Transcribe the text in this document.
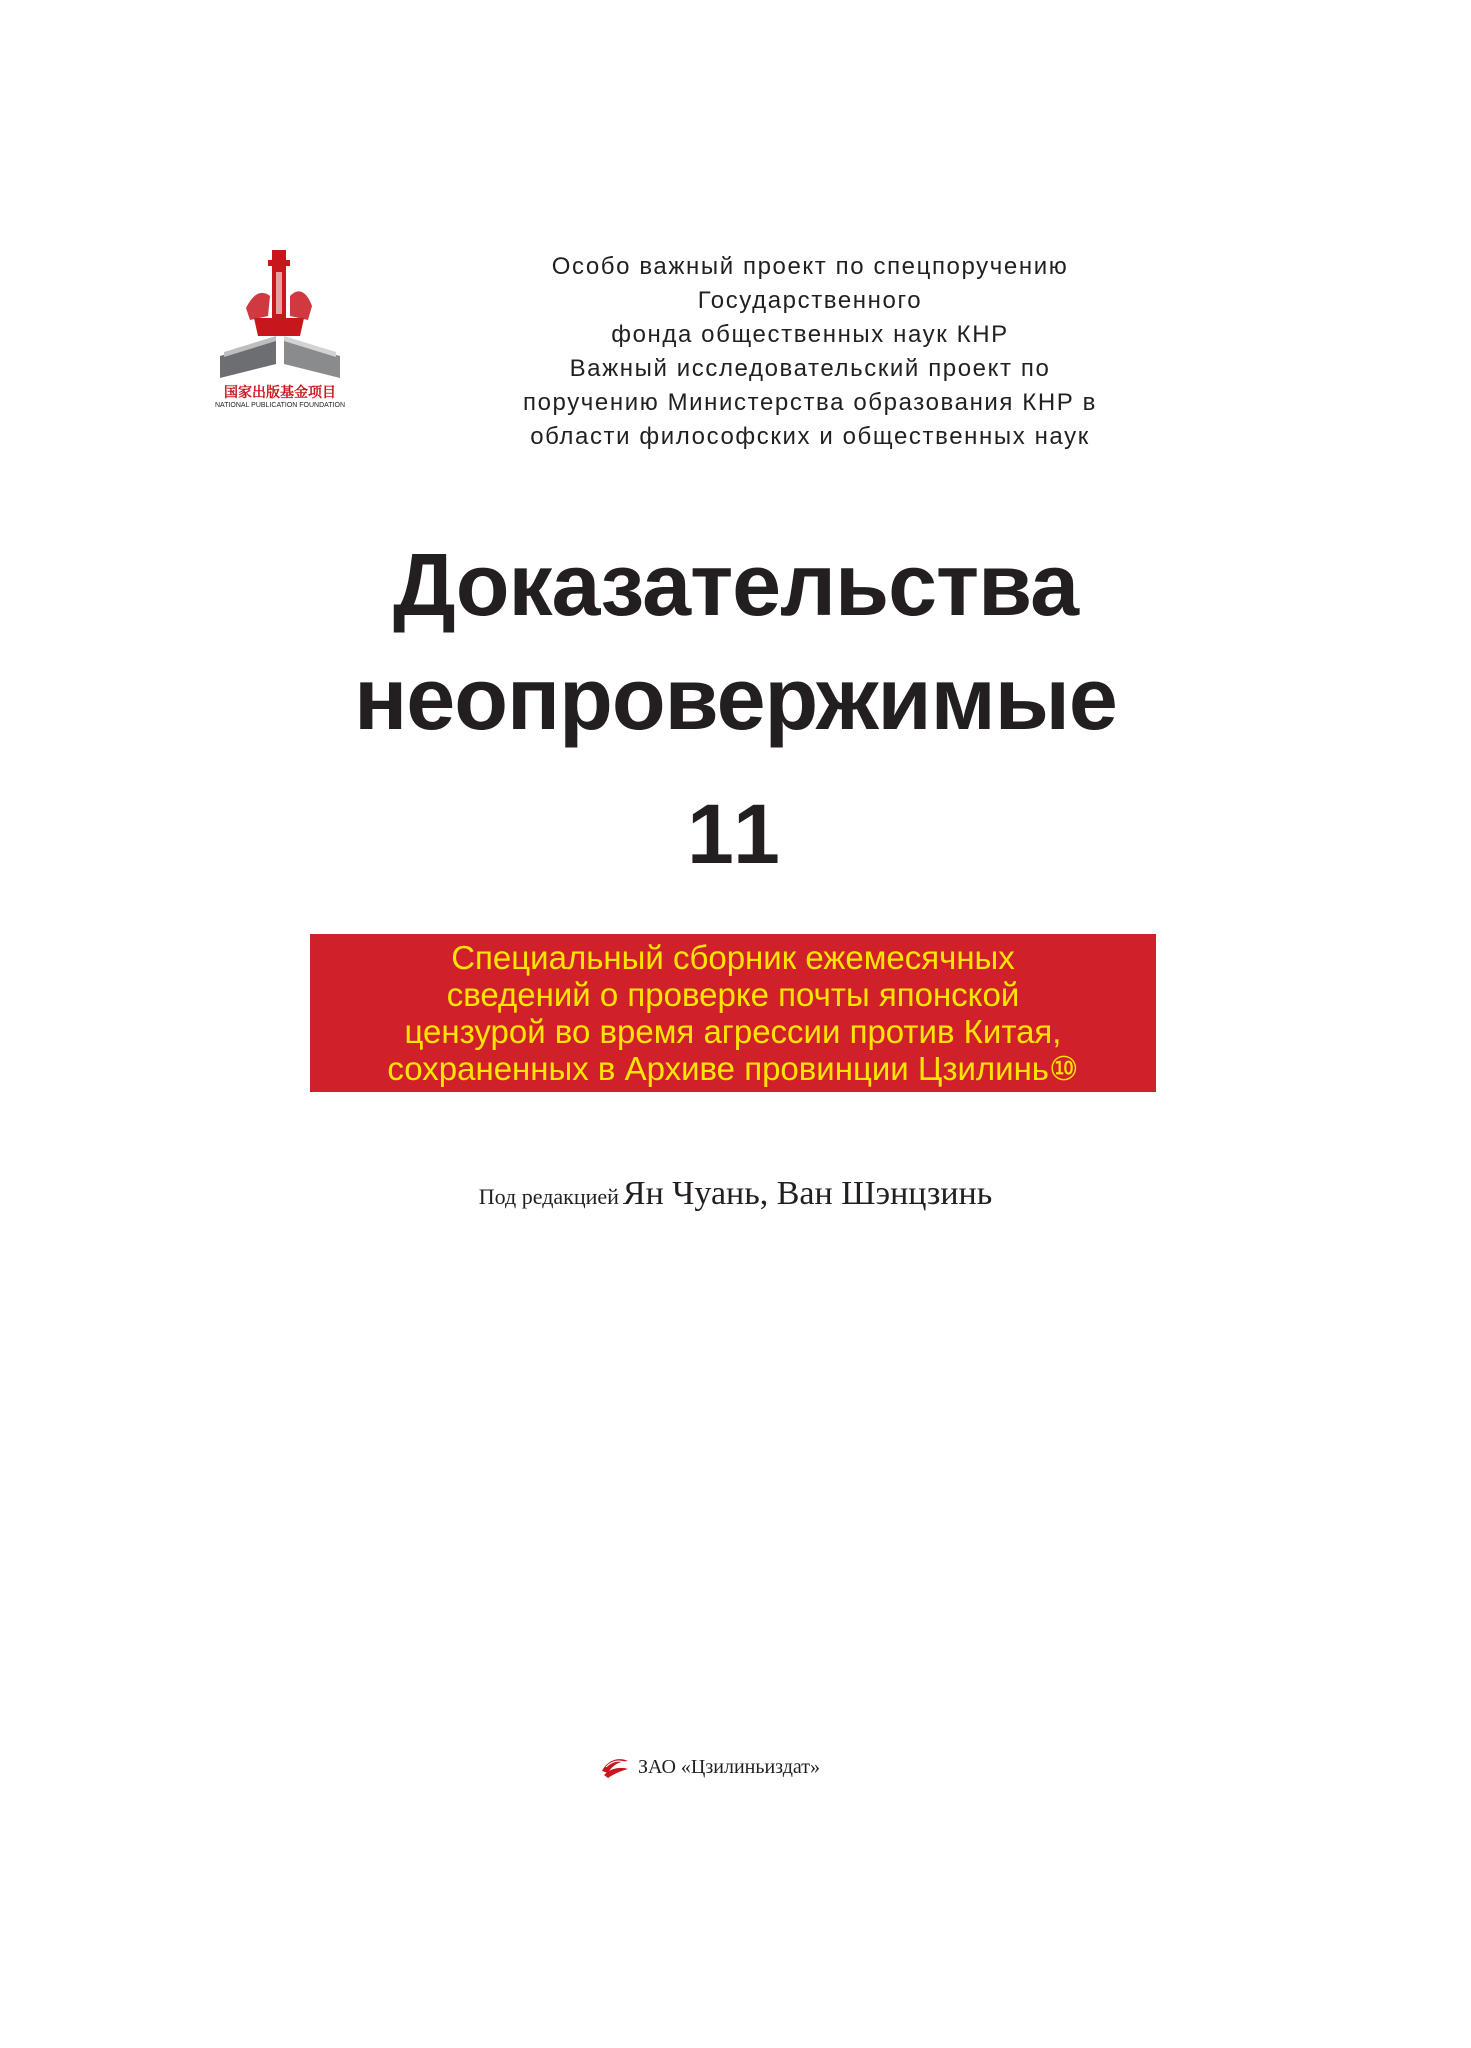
国家出版基金项目
NATIONAL PUBLICATION FOUNDATION
Особо важный проект по спецпоручению
Государственного
фонда общественных наук КНР
Важный исследовательский проект по
поручению Министерства образования КНР в
области философских и общественных наук
Доказательства
неопровержимые
11
Специальный сборник ежемесячных
сведений о проверке почты японской
цензурой во время агрессии против Китая,
сохраненных в Архиве провинции Цзилинь⑩
Под редакцией Ян Чуань, Ван Шэнцзинь
ЗАО «Цзилиньиздат»
